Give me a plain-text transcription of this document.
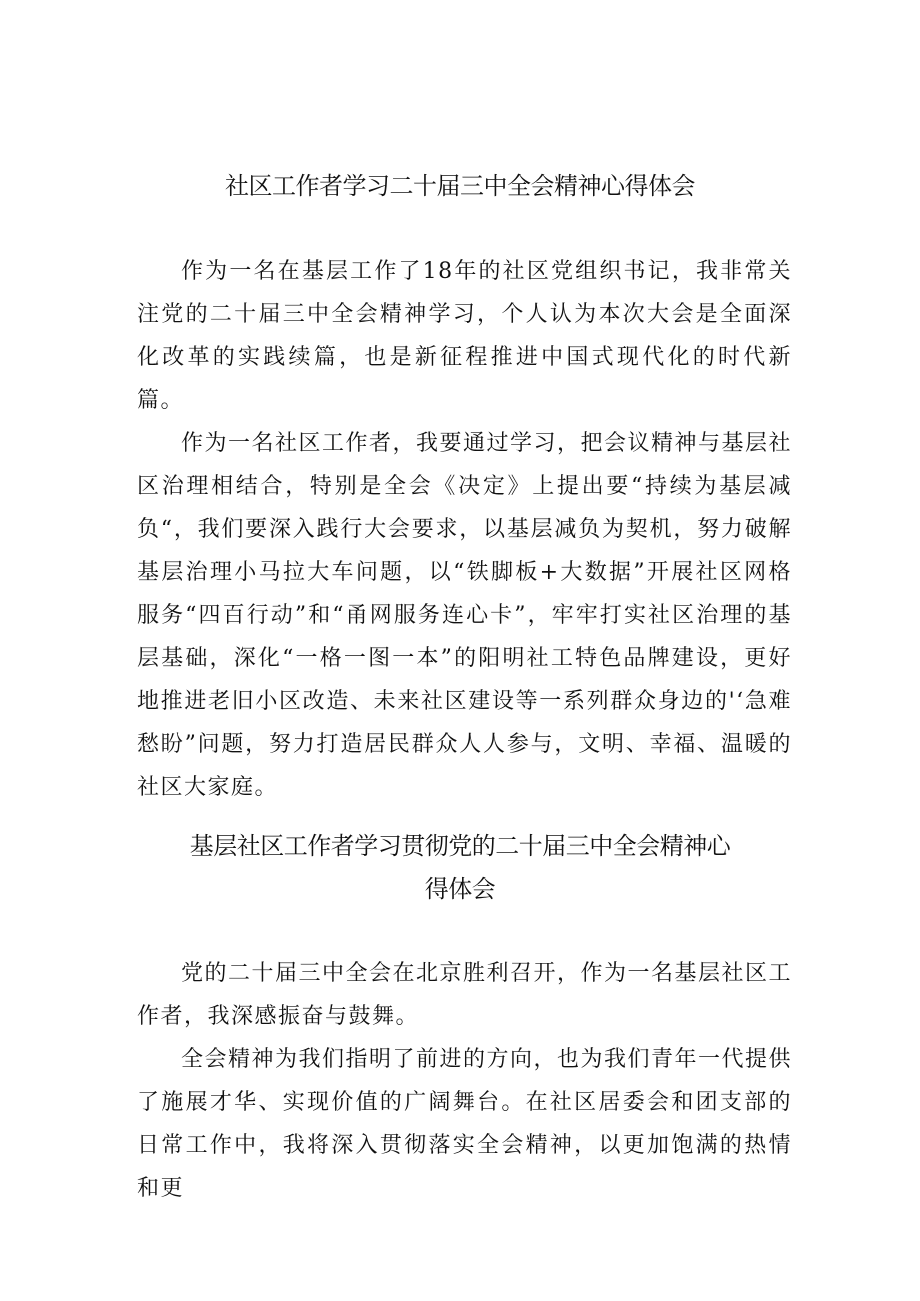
社区工作者学习二十届三中全会精神心得体会

作为一名在基层工作了18年的社区党组织书记，我非常关注党的二十届三中全会精神学习，个人认为本次大会是全面深化改革的实践续篇，也是新征程推进中国式现代化的时代新篇。

作为一名社区工作者，我要通过学习，把会议精神与基层社区治理相结合，特别是全会《决定》上提出要“持续为基层减负“，我们要深入践行大会要求，以基层减负为契机，努力破解基层治理小马拉大车问题，以“铁脚板+大数据”开展社区网格服务“四百行动”和“甬网服务连心卡”，牢牢打实社区治理的基层基础，深化“一格一图一本”的阳明社工特色品牌建设，更好地推进老旧小区改造、未来社区建设等一系列群众身边的'‘急难愁盼”问题，努力打造居民群众人人参与，文明、幸福、温暖的社区大家庭。

基层社区工作者学习贯彻党的二十届三中全会精神心
得体会

党的二十届三中全会在北京胜利召开，作为一名基层社区工作者，我深感振奋与鼓舞。

全会精神为我们指明了前进的方向，也为我们青年一代提供了施展才华、实现价值的广阔舞台。在社区居委会和团支部的日常工作中，我将深入贯彻落实全会精神，以更加饱满的热情和更
